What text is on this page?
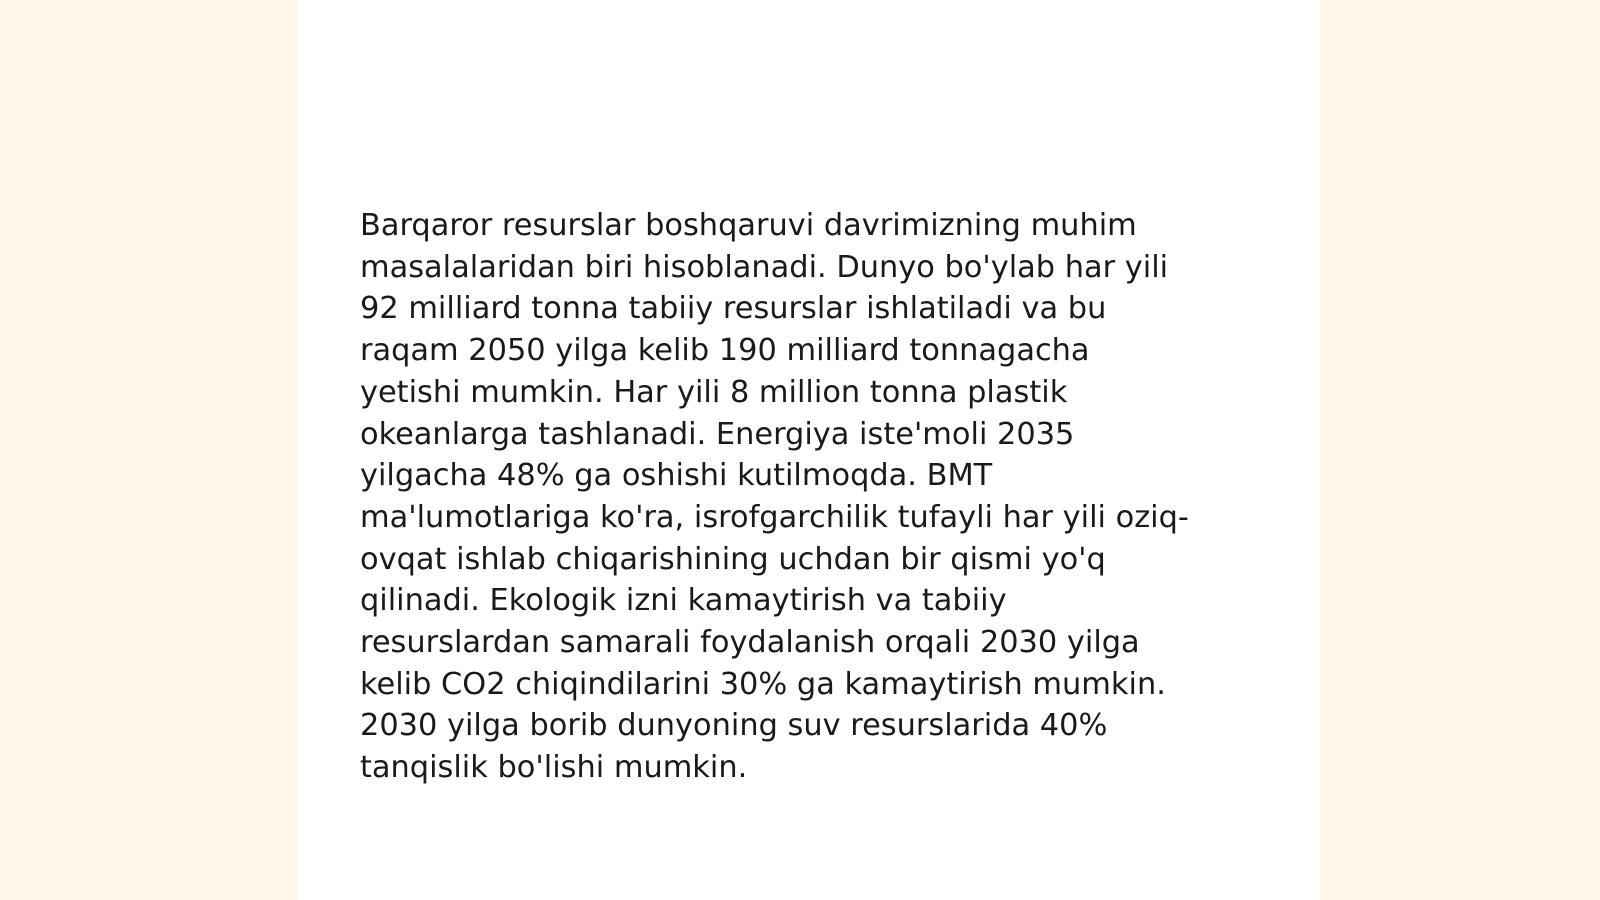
Barqaror resurslar boshqaruvi davrimizning muhim
masalalaridan biri hisoblanadi. Dunyo bo'ylab har yili
92 milliard tonna tabiiy resurslar ishlatiladi va bu
raqam 2050 yilga kelib 190 milliard tonnagacha
yetishi mumkin. Har yili 8 million tonna plastik
okeanlarga tashlanadi. Energiya iste'moli 2035
yilgacha 48% ga oshishi kutilmoqda. BMT
ma'lumotlariga ko'ra, isrofgarchilik tufayli har yili oziq-
ovqat ishlab chiqarishining uchdan bir qismi yo'q
qilinadi. Ekologik izni kamaytirish va tabiiy
resurslardan samarali foydalanish orqali 2030 yilga
kelib CO2 chiqindilarini 30% ga kamaytirish mumkin.
2030 yilga borib dunyoning suv resurslarida 40%
tanqislik bo'lishi mumkin.
